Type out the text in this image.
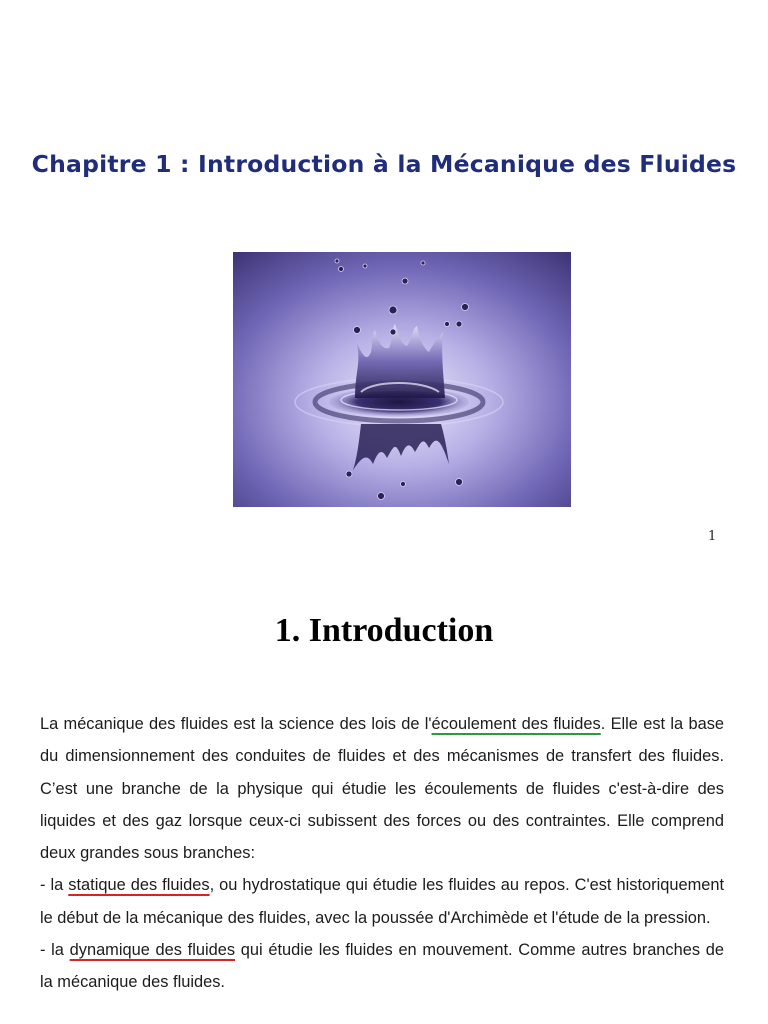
Chapitre 1 : Introduction à la Mécanique des Fluides
1
1. Introduction

La mécanique des fluides est la science des lois de l'écoulement des fluides. Elle est la base du dimensionnement des conduites de fluides et des mécanismes de transfert des fluides. C’est une branche de la physique qui étudie les écoulements de fluides c'est-à-dire des liquides et des gaz lorsque ceux-ci subissent des forces ou des contraintes. Elle comprend deux grandes sous branches:

- la statique des fluides, ou hydrostatique qui étudie les fluides au repos. C'est historiquement le début de la mécanique des fluides, avec la poussée d'Archimède et l'étude de la pression.

- la dynamique des fluides qui étudie les fluides en mouvement. Comme autres branches de la mécanique des fluides.
